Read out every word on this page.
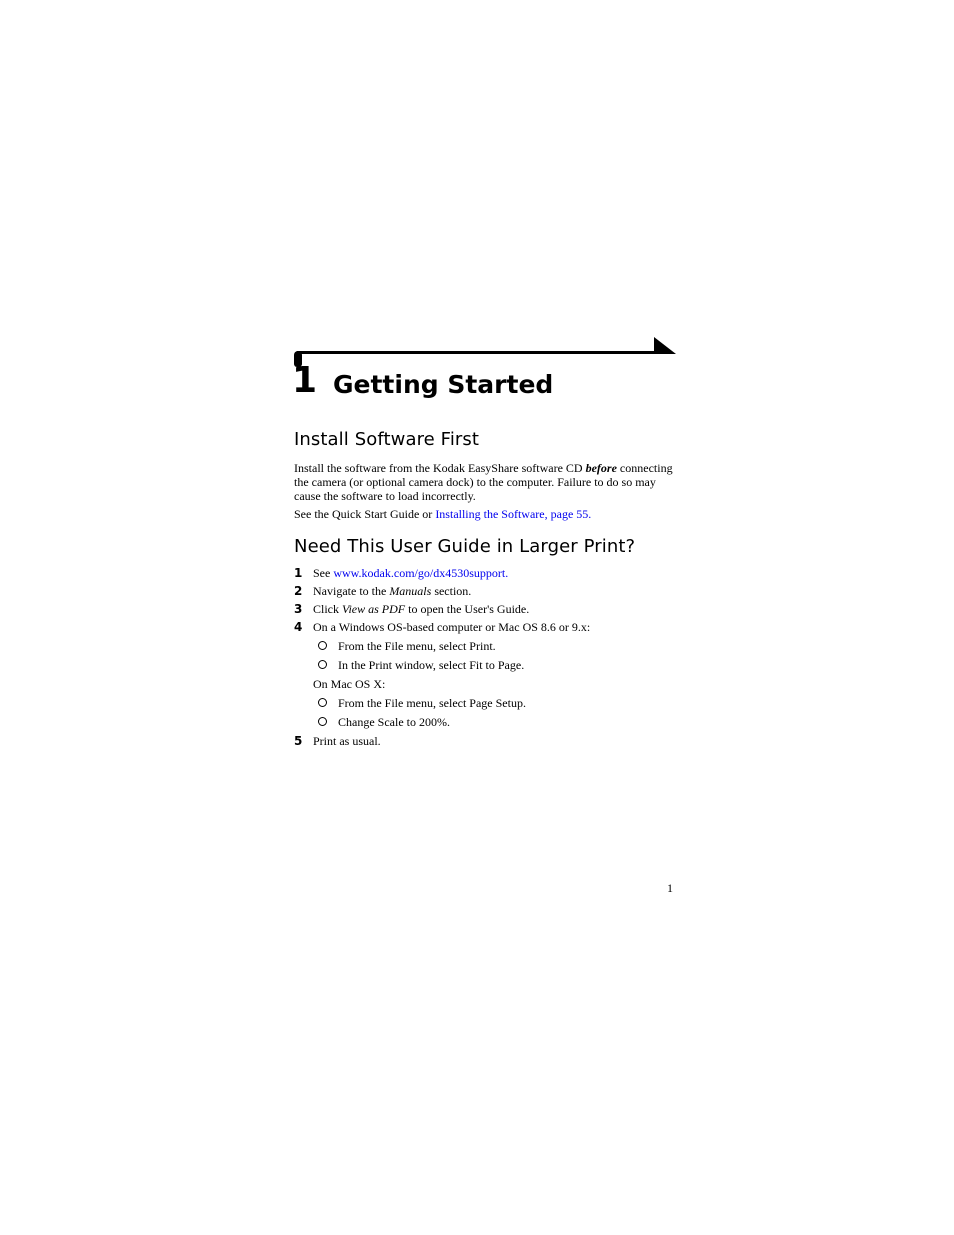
1 Getting Started
Install Software First
Install the software from the Kodak EasyShare software CD before connecting the camera (or optional camera dock) to the computer. Failure to do so may cause the software to load incorrectly.
See the Quick Start Guide or Installing the Software, page 55.
Need This User Guide in Larger Print?
1 See www.kodak.com/go/dx4530support.
2 Navigate to the Manuals section.
3 Click View as PDF to open the User's Guide.
4 On a Windows OS-based computer or Mac OS 8.6 or 9.x:
From the File menu, select Print.
In the Print window, select Fit to Page.
On Mac OS X:
From the File menu, select Page Setup.
Change Scale to 200%.
5 Print as usual.
1
